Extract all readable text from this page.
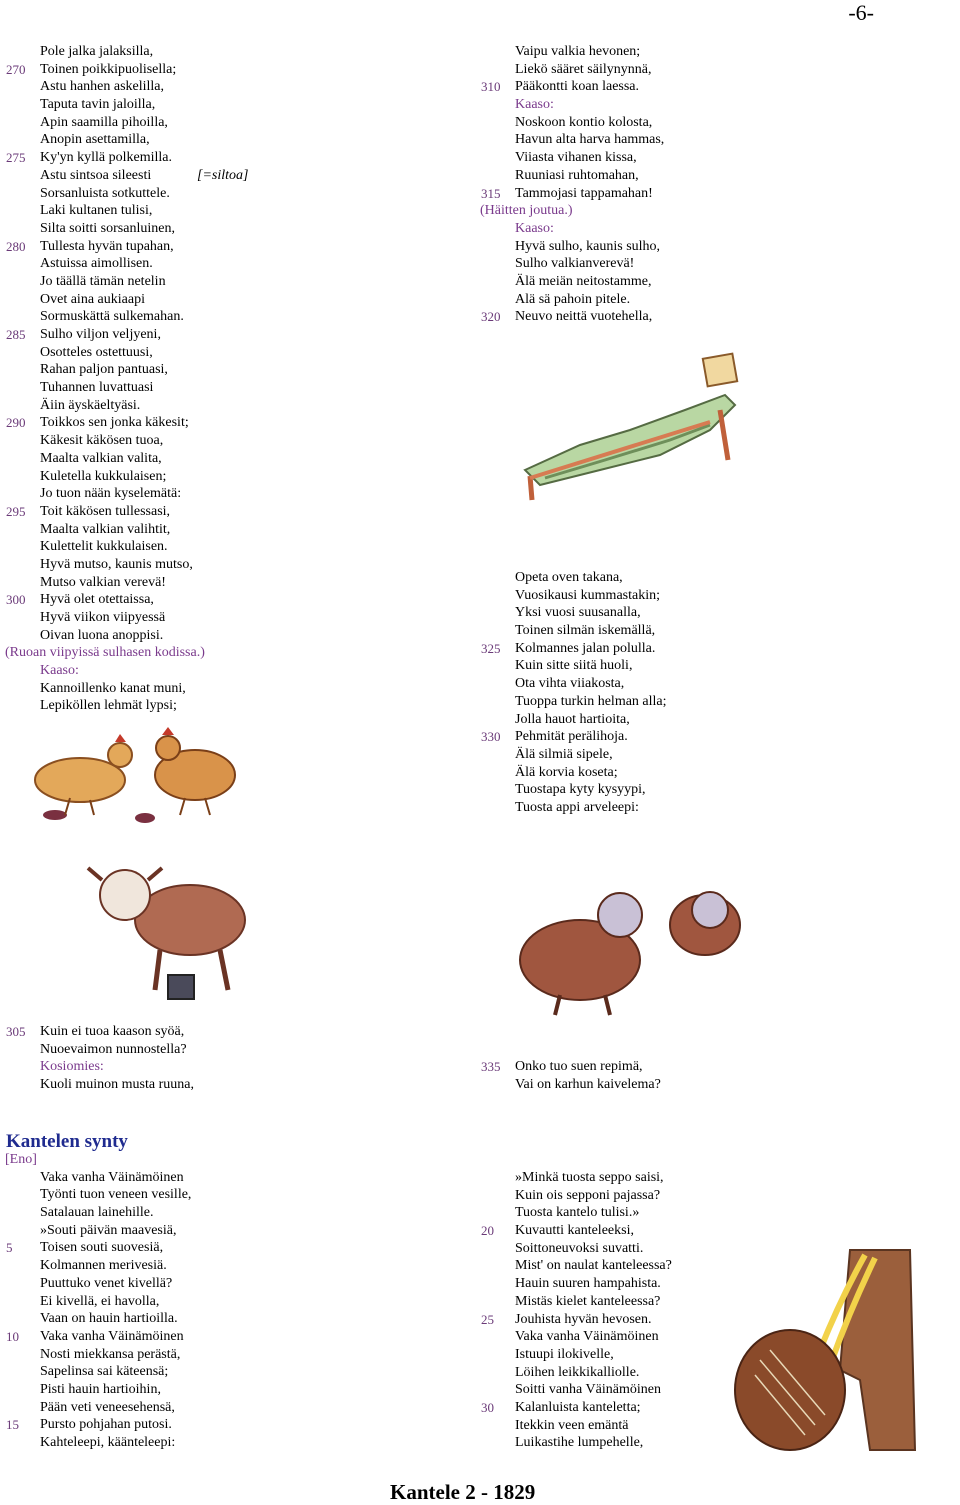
-6-
Pole jalka jalaksilla,
270	Toinen poikkipuolisella;
Astu hanhen askelilla,
Taputa tavin jaloilla,
Apin saamilla pihoilla,
Anopin asettamilla,
275	Ky'yn kyllä polkemilla.
Astu sintsoa sileesti	[=siltoa]
Sorsanluista sotkuttele.
Laki kultanen tulisi,
Silta soitti sorsanluinen,
280	Tullesta hyvän tupahan,
Astuissa aimollisen.
Jo täällä tämän netelin
Ovet aina aukiaapi
Sormuskättä sulkemahan.
285	Sulho viljon veljyeni,
Osotteles ostettuusi,
Rahan paljon pantuasi,
Tuhannen luvattuasi
Äiin äyskäeltyäsi.
290	Toikkos sen jonka käkesit;
Käkesit käkösen tuoa,
Maalta valkian valita,
Kuletella kukkulaisen;
Jo tuon nään kyselemätä:
295	Toit käkösen tullessasi,
Maalta valkian valihtit,
Kulettelit kukkulaisen.
Hyvä mutso, kaunis mutso,
Mutso valkian verevä!
300	Hyvä olet otettaissa,
Hyvä viikon viipyessä
Oivan luona anoppisi.
(Ruoan viipyissä sulhasen kodissa.)
Kaaso:
Kannoillenko kanat muni,
Lepiköllen lehmät lypsi;
Vaipu valkia hevonen;
Liekö sääret säilynynnä,
310	Pääkontti koan laessa.
Kaaso:
Noskoon kontio kolosta,
Havun alta harva hammas,
Viiasta vihanen kissa,
Ruuniasi ruhtomahan,
315	Tammojasi tappamahan!
(Häitten joutua.)
Kaaso:
Hyvä sulho, kaunis sulho,
Sulho valkianverevä!
Älä meiän neitostamme,
Alä sä pahoin pitele.
320	Neuvo neittä vuotehella,
Opeta oven takana,
Vuosikausi kummastakin;
Yksi vuosi suusanalla,
Toinen silmän iskemällä,
325	Kolmannes jalan polulla.
Kuin sitte siitä huoli,
Ota vihta viiakosta,
Tuoppa turkin helman alla;
Jolla hauot hartioita,
330	Pehmität perälihoja.
Älä silmiä sipele,
Älä korvia koseta;
Tuostapa kyty kysyypi,
Tuosta appi arveleepi:
305	Kuin ei tuoa kaason syöä,
Nuoevaimon nunnostella?
Kosiomies:
Kuoli muinon musta ruuna,
335	Onko tuo suen repimä,
Vai on karhun kaivelema?
Kantelen synty
[Eno]
Vaka vanha Väinämöinen
Työnti tuon veneen vesille,
Satalauan lainehille.
»Souti päivän maavesiä,
5	Toisen souti suovesiä,
Kolmannen merivesiä.
Puuttuko venet kivellä?
Ei kivellä, ei havolla,
Vaan on hauin hartioilla.
10	Vaka vanha Väinämöinen
Nosti miekkansa perästä,
Sapelinsa sai käteensä;
Pisti hauin hartioihin,
Pään veti veneesehensä,
15	Pursto pohjahan putosi.
Kahteleepi, käänteleepi:
»Minkä tuosta seppo saisi,
Kuin ois sepponi pajassa?
Tuosta kantelo tulisi.»
20	Kuvautti kanteleeksi,
Soittoneuvoksi suvatti.
Mist' on naulat kanteleessa?
Hauin suuren hampahista.
Mistäs kielet kanteleessa?
25	Jouhista hyvän hevosen.
Vaka vanha Väinämöinen
Istuupi ilokivelle,
Löihen leikkikalliolle.
Soitti vanha Väinämöinen
30	Kalanluista kanteletta;
Itekkin veen emäntä
Luikastihe lumpehelle,
Kantele 2 - 1829
